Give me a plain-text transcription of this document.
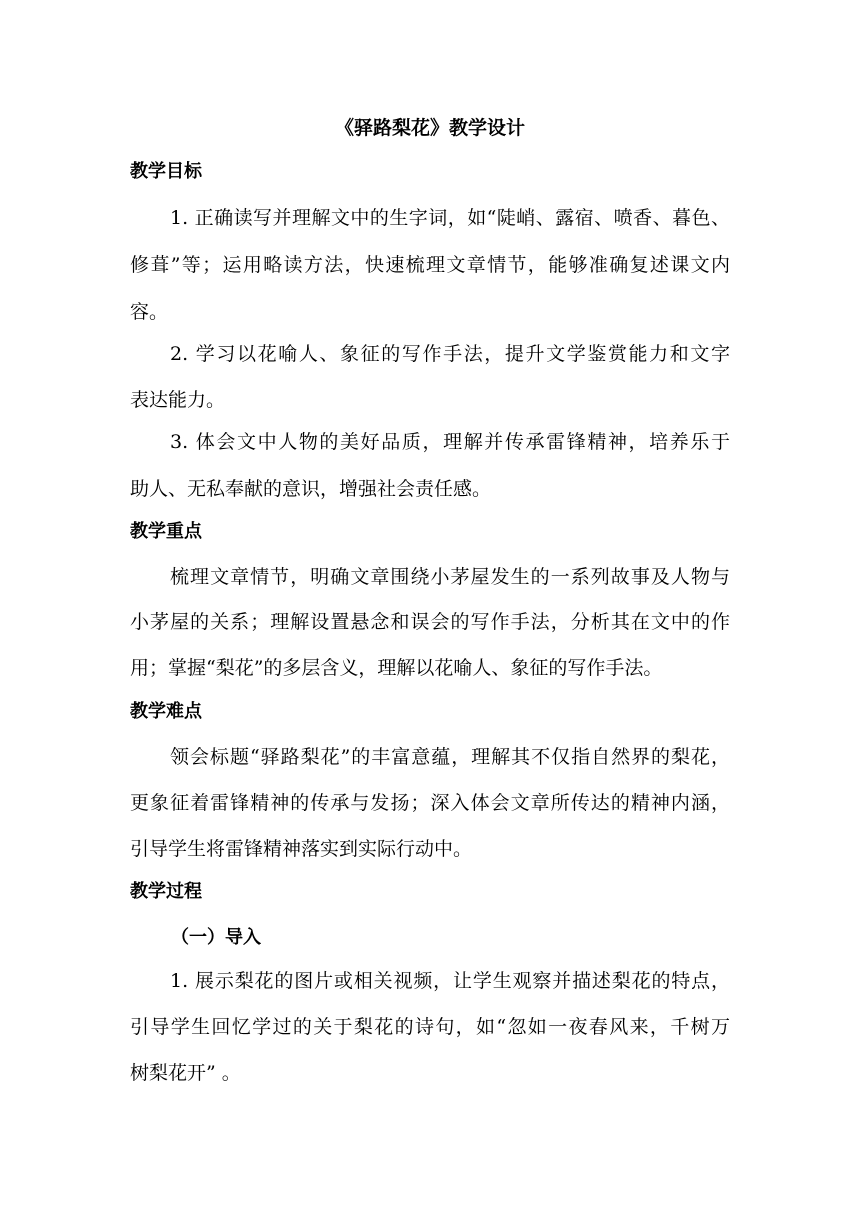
《驿路梨花》教学设计
教学目标
1. 正确读写并理解文中的生字词，如“陡峭、露宿、喷香、暮色、
修葺”等；运用略读方法，快速梳理文章情节，能够准确复述课文内
容。
2. 学习以花喻人、象征的写作手法，提升文学鉴赏能力和文字
表达能力。
3. 体会文中人物的美好品质，理解并传承雷锋精神，培养乐于
助人、无私奉献的意识，增强社会责任感。
教学重点
梳理文章情节，明确文章围绕小茅屋发生的一系列故事及人物与
小茅屋的关系；理解设置悬念和误会的写作手法，分析其在文中的作
用；掌握“梨花”的多层含义，理解以花喻人、象征的写作手法。
教学难点
领会标题“驿路梨花”的丰富意蕴，理解其不仅指自然界的梨花，
更象征着雷锋精神的传承与发扬；深入体会文章所传达的精神内涵，
引导学生将雷锋精神落实到实际行动中。
教学过程
（一）导入
1. 展示梨花的图片或相关视频，让学生观察并描述梨花的特点，
引导学生回忆学过的关于梨花的诗句，如“忽如一夜春风来，千树万
树梨花开” 。
